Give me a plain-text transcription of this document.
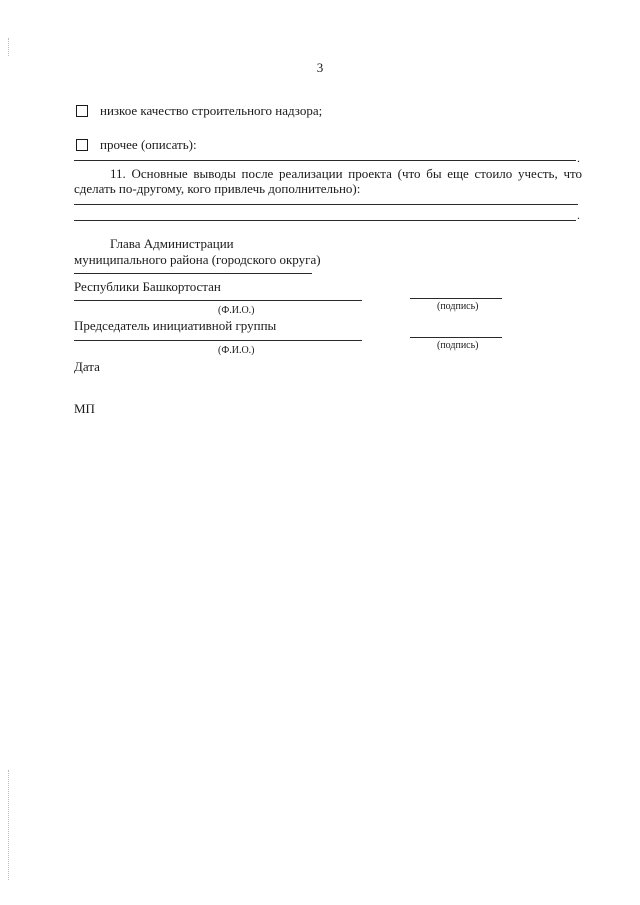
3
низкое качество строительного надзора;
прочее (описать):
.
11. Основные выводы после реализации проекта (что бы еще стоило учесть, что сделать по-другому, кого привлечь дополнительно):
.
Глава Администрации
муниципального района (городского округа)
Республики Башкортостан
(Ф.И.О.)	(подпись)
Председатель инициативной группы
(Ф.И.О.)	(подпись)
Дата
МП
